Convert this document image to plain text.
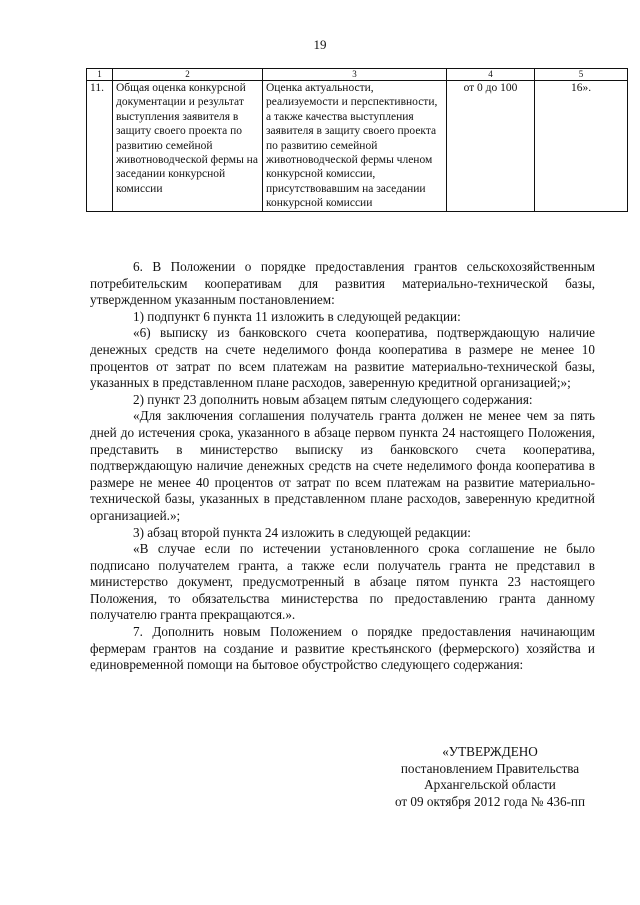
19
1	2	3	4	5
11.	Общая оценка конкурсной документации и результат выступления заявителя в защиту своего проекта по развитию семейной животноводческой фермы на заседании конкурсной комиссии	Оценка актуальности, реализуемости и перспективности, а также качества выступления заявителя в защиту своего проекта по развитию семейной животноводческой фермы членом конкурсной комиссии, присутствовавшим на заседании конкурсной комиссии	от 0 до 100	16».

6. В Положении о порядке предоставления грантов сельскохозяйственным потребительским кооперативам для развития материально-технической базы, утвержденном указанным постановлением:

1) подпункт 6 пункта 11 изложить в следующей редакции:

«6) выписку из банковского счета кооператива, подтверждающую наличие денежных средств на счете неделимого фонда кооператива в размере не менее 10 процентов от затрат по всем платежам на развитие материально-технической базы, указанных в представленном плане расходов, заверенную кредитной организацией;»;

2) пункт 23 дополнить новым абзацем пятым следующего содержания:

«Для заключения соглашения получатель гранта должен не менее чем за пять дней до истечения срока, указанного в абзаце первом пункта 24 настоящего Положения, представить в министерство выписку из банковского счета кооператива, подтверждающую наличие денежных средств на счете неделимого фонда кооператива в размере не менее 40 процентов от затрат по всем платежам на развитие материально-технической базы, указанных в представленном плане расходов, заверенную кредитной организацией.»;

3) абзац второй пункта 24 изложить в следующей редакции:

«В случае если по истечении установленного срока соглашение не было подписано получателем гранта, а также если получатель гранта не представил в министерство документ, предусмотренный в абзаце пятом пункта 23 настоящего Положения, то обязательства министерства по предоставлению гранта данному получателю гранта прекращаются.».

7. Дополнить новым Положением о порядке предоставления начинающим фермерам грантов на создание и развитие крестьянского (фермерского) хозяйства и единовременной помощи на бытовое обустройство следующего содержания:

«УТВЕРЖДЕНО
постановлением Правительства
Архангельской области
от 09 октября 2012 года № 436-пп
